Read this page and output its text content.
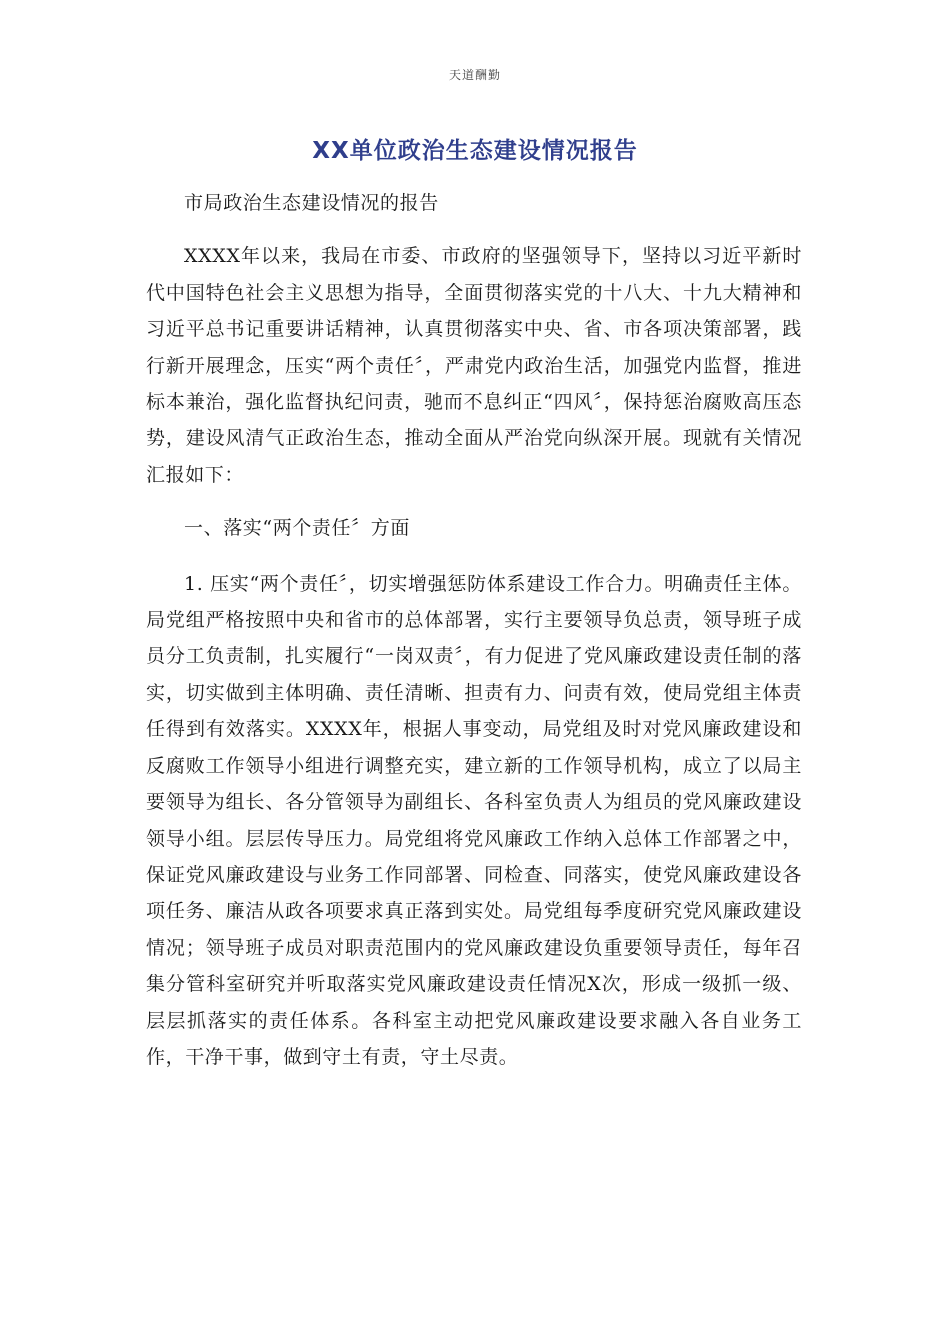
天道酬勤
XX单位政治生态建设情况报告

市局政治生态建设情况的报告

XXXX年以来，我局在市委、市政府的坚强领导下，坚持以习近平新时代中国特色社会主义思想为指导，全面贯彻落实党的十八大、十九大精神和习近平总书记重要讲话精神，认真贯彻落实中央、省、市各项决策部署，践行新开展理念，压实“两个责任〞，严肃党内政治生活，加强党内监督，推进标本兼治，强化监督执纪问责，驰而不息纠正“四风〞，保持惩治腐败高压态势，建设风清气正政治生态，推动全面从严治党向纵深开展。现就有关情况汇报如下：

一、落实“两个责任〞方面

1. 压实“两个责任〞，切实增强惩防体系建设工作合力。明确责任主体。局党组严格按照中央和省市的总体部署，实行主要领导负总责，领导班子成员分工负责制，扎实履行“一岗双责〞，有力促进了党风廉政建设责任制的落实，切实做到主体明确、责任清晰、担责有力、问责有效，使局党组主体责任得到有效落实。XXXX年，根据人事变动，局党组及时对党风廉政建设和反腐败工作领导小组进行调整充实，建立新的工作领导机构，成立了以局主要领导为组长、各分管领导为副组长、各科室负责人为组员的党风廉政建设领导小组。层层传导压力。局党组将党风廉政工作纳入总体工作部署之中，保证党风廉政建设与业务工作同部署、同检查、同落实，使党风廉政建设各项任务、廉洁从政各项要求真正落到实处。局党组每季度研究党风廉政建设情况；领导班子成员对职责范围内的党风廉政建设负重要领导责任，每年召集分管科室研究并听取落实党风廉政建设责任情况X次，形成一级抓一级、层层抓落实的责任体系。各科室主动把党风廉政建设要求融入各自业务工作，干净干事，做到守土有责，守土尽责。
